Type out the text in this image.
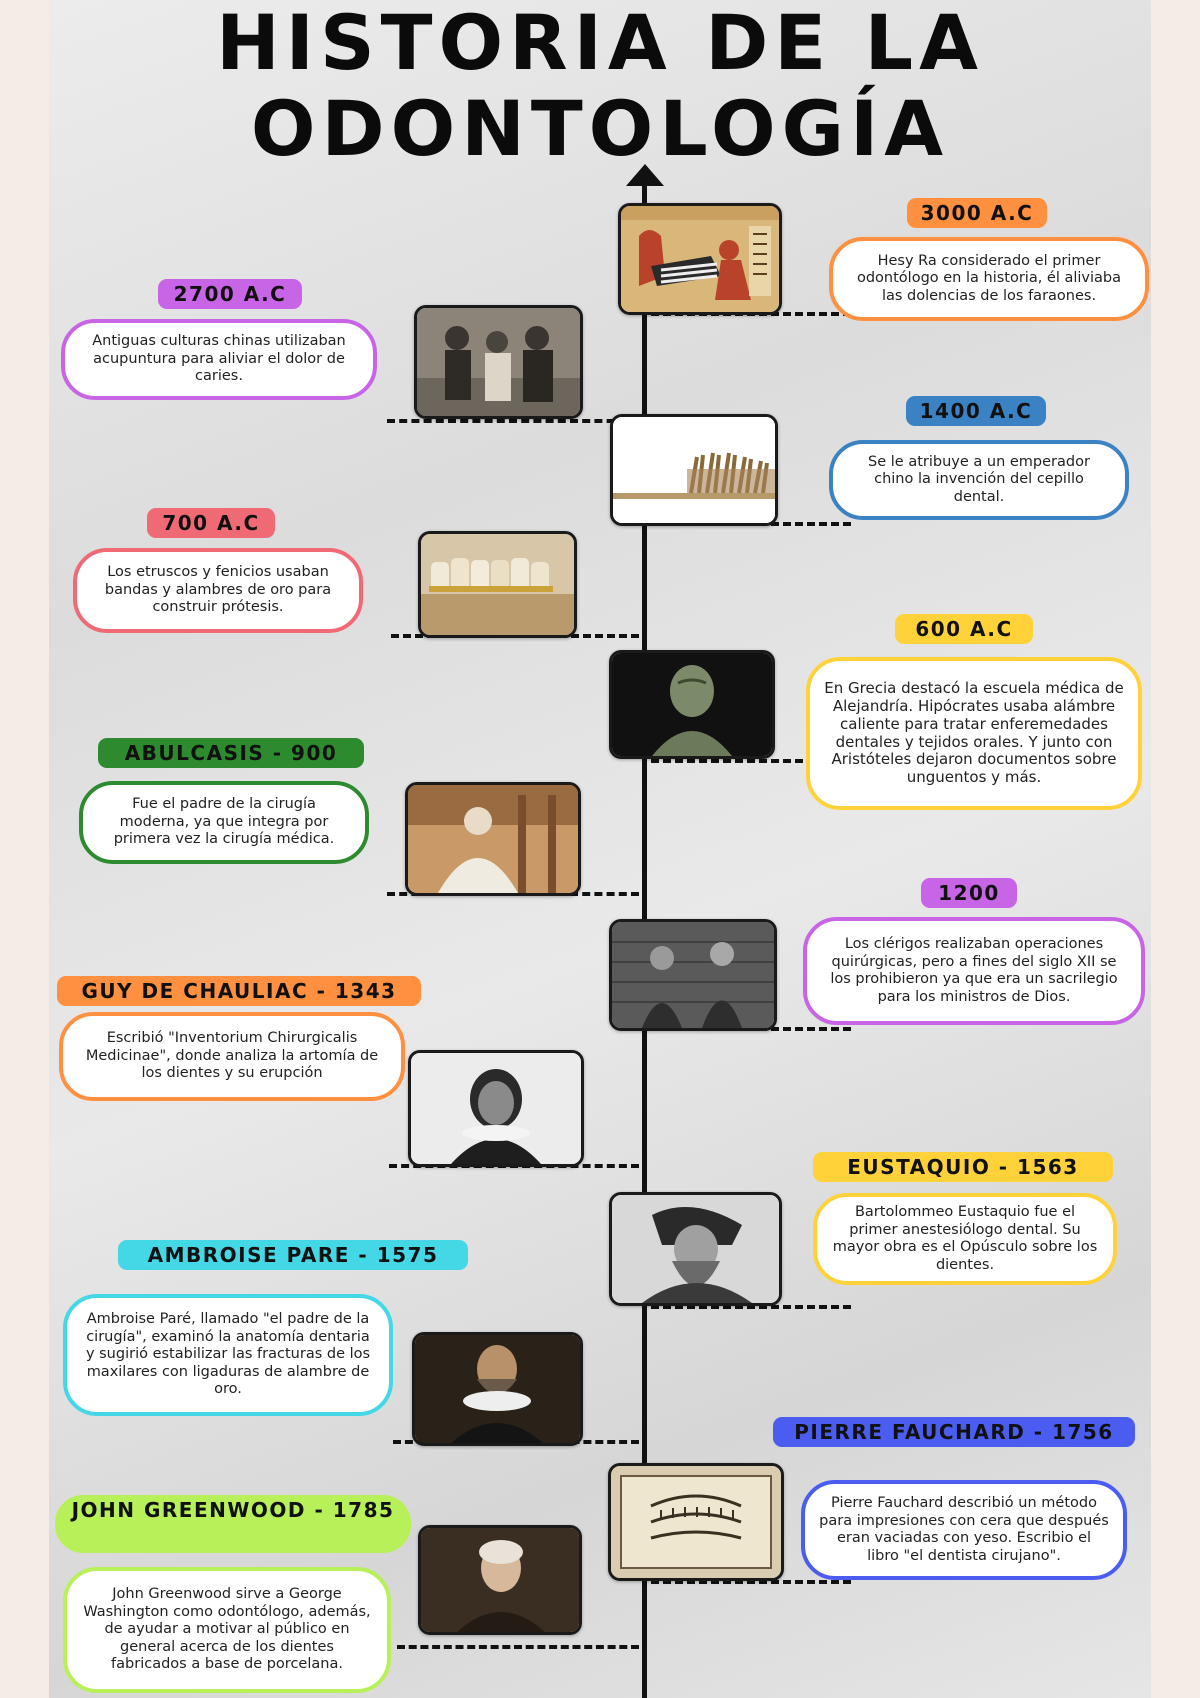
HISTORIA DE LA
ODONTOLOGÍA
3000 A.C
Hesy Ra considerado el primer odontólogo en la historia, él aliviaba las dolencias de los faraones.
2700 A.C
Antiguas culturas chinas utilizaban acupuntura para aliviar el dolor de caries.
1400 A.C
Se le atribuye a un emperador chino la invención del cepillo dental.
700 A.C
Los etruscos y fenicios usaban bandas y alambres de oro para construir prótesis.
600 A.C
En Grecia destacó la escuela médica de Alejandría. Hipócrates usaba alámbre caliente para tratar enferemedades dentales y tejidos orales. Y junto con Aristóteles dejaron documentos sobre unguentos y más.
ABULCASIS - 900
Fue el padre de la cirugía moderna, ya que integra por primera vez la cirugía médica.
1200
Los clérigos realizaban operaciones quirúrgicas, pero a fines del siglo XII se los prohibieron ya que era un sacrilegio para los ministros de Dios.
GUY DE CHAULIAC - 1343
Escribió "Inventorium Chirurgicalis Medicinae", donde analiza la artomía de los dientes y su erupción
EUSTAQUIO - 1563
Bartolommeo Eustaquio fue el primer anestesiólogo dental. Su mayor obra es el Opúsculo sobre los dientes.
AMBROISE PARE - 1575
Ambroise Paré, llamado "el padre de la cirugía", examinó la anatomía dentaria y sugirió estabilizar las fracturas de los maxilares con ligaduras de alambre de oro.
PIERRE FAUCHARD - 1756
Pierre Fauchard describió un método para impresiones con cera que después eran vaciadas con yeso. Escribio el libro "el dentista cirujano".
JOHN GREENWOOD - 1785
John Greenwood sirve a George Washington como odontólogo, además, de ayudar a motivar al público en general acerca de los dientes fabricados a base de porcelana.
